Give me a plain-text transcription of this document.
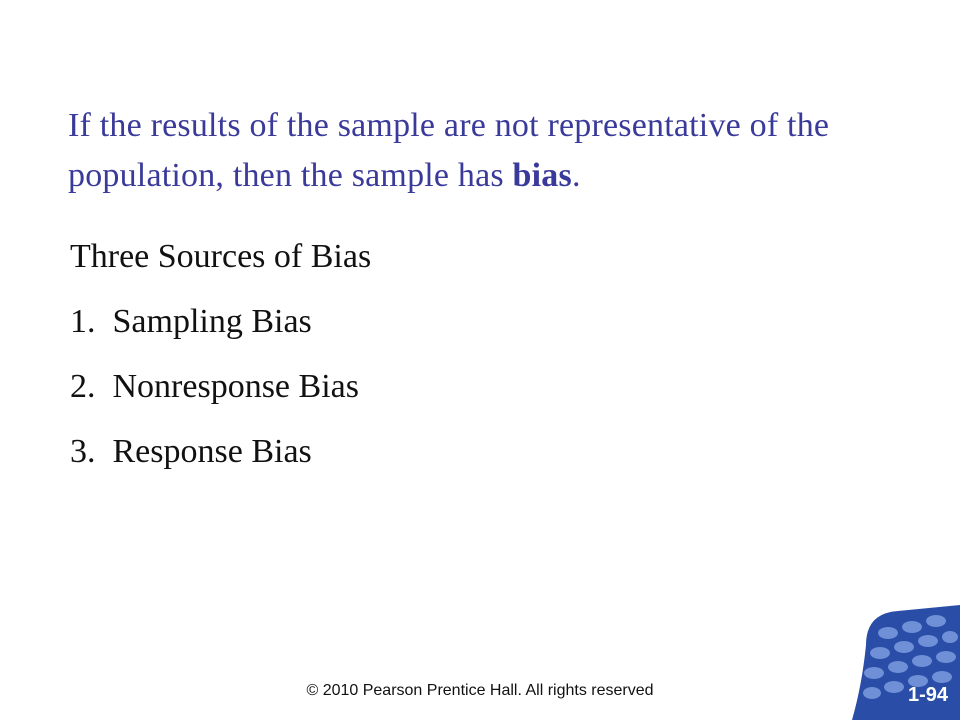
If the results of the sample are not representative of the population, then the sample has bias.

Three Sources of Bias

1. Sampling Bias
2. Nonresponse Bias
3. Response Bias
© 2010 Pearson Prentice Hall. All rights reserved	1-94
